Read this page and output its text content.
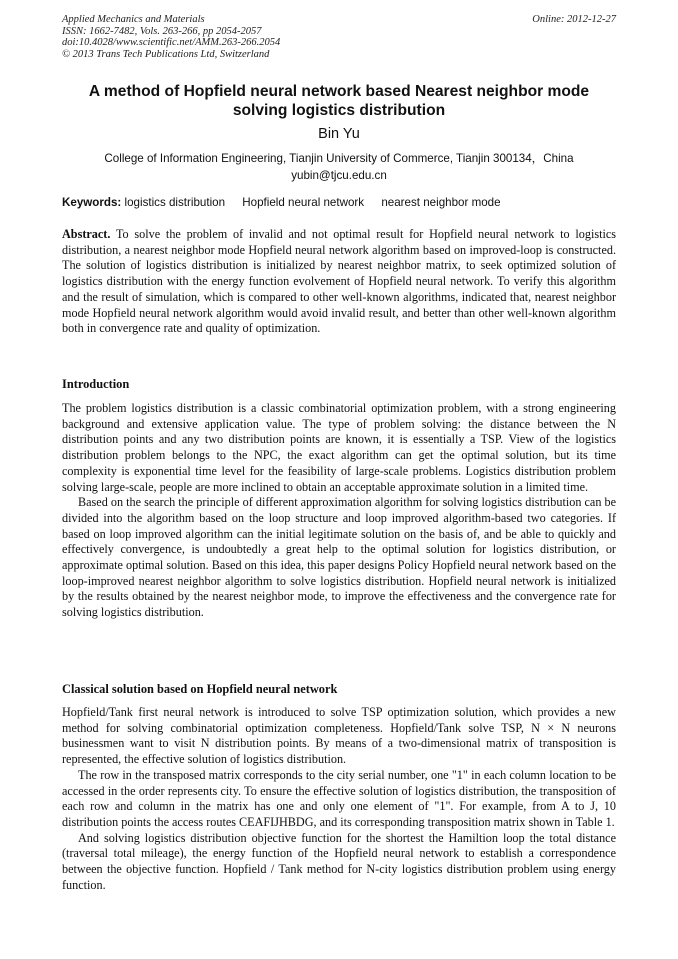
Applied Mechanics and Materials
ISSN: 1662-7482, Vols. 263-266, pp 2054-2057
doi:10.4028/www.scientific.net/AMM.263-266.2054
© 2013 Trans Tech Publications Ltd, Switzerland
Online: 2012-12-27
A method of Hopfield neural network based Nearest neighbor mode solving logistics distribution
Bin Yu
College of Information Engineering, Tianjin University of Commerce, Tianjin 300134，China
yubin@tjcu.edu.cn
Keywords: logistics distribution Hopfield neural network nearest neighbor mode

Abstract. To solve the problem of invalid and not optimal result for Hopfield neural network to logistics distribution, a nearest neighbor mode Hopfield neural network algorithm based on improved-loop is constructed. The solution of logistics distribution is initialized by nearest neighbor matrix, to seek optimized solution of logistics distribution with the energy function evolvement of Hopfield neural network. To verify this algorithm and the result of simulation, which is compared to other well-known algorithms, indicated that, nearest neighbor mode Hopfield neural network algorithm would avoid invalid result, and better than other well-known algorithm both in convergence rate and quality of optimization.

Introduction

The problem logistics distribution is a classic combinatorial optimization problem, with a strong engineering background and extensive application value. The type of problem solving: the distance between the N distribution points and any two distribution points are known, it is essentially a TSP. View of the logistics distribution problem belongs to the NPC, the exact algorithm can get the optimal solution, but its time complexity is exponential time level for the feasibility of large-scale problems. Logistics distribution problem solving large-scale, people are more inclined to obtain an acceptable approximate solution in a limited time.

Based on the search the principle of different approximation algorithm for solving logistics distribution can be divided into the algorithm based on the loop structure and loop improved algorithm-based two categories. If based on loop improved algorithm can the initial legitimate solution on the basis of, and be able to quickly and effectively convergence, is undoubtedly a great help to the optimal solution for logistics distribution, or approximate optimal solution. Based on this idea, this paper designs Policy Hopfield neural network based on the loop-improved nearest neighbor algorithm to solve logistics distribution. Hopfield neural network is initialized by the results obtained by the nearest neighbor mode, to improve the effectiveness and the convergence rate for solving logistics distribution.

Classical solution based on Hopfield neural network

Hopfield/Tank first neural network is introduced to solve TSP optimization solution, which provides a new method for solving combinatorial optimization completeness. Hopfield/Tank solve TSP, N × N neurons businessmen want to visit N distribution points. By means of a two-dimensional matrix of transposition is represented, the effective solution of logistics distribution.

The row in the transposed matrix corresponds to the city serial number, one "1" in each column location to be accessed in the order represents city. To ensure the effective solution of logistics distribution, the transposition of each row and column in the matrix has one and only one element of "1". For example, from A to J, 10 distribution points the access routes CEAFIJHBDG, and its corresponding transposition matrix shown in Table 1.

And solving logistics distribution objective function for the shortest the Hamiltion loop the total distance (traversal total mileage), the energy function of the Hopfield neural network to establish a correspondence between the objective function. Hopfield / Tank method for N-city logistics distribution problem using energy function.
